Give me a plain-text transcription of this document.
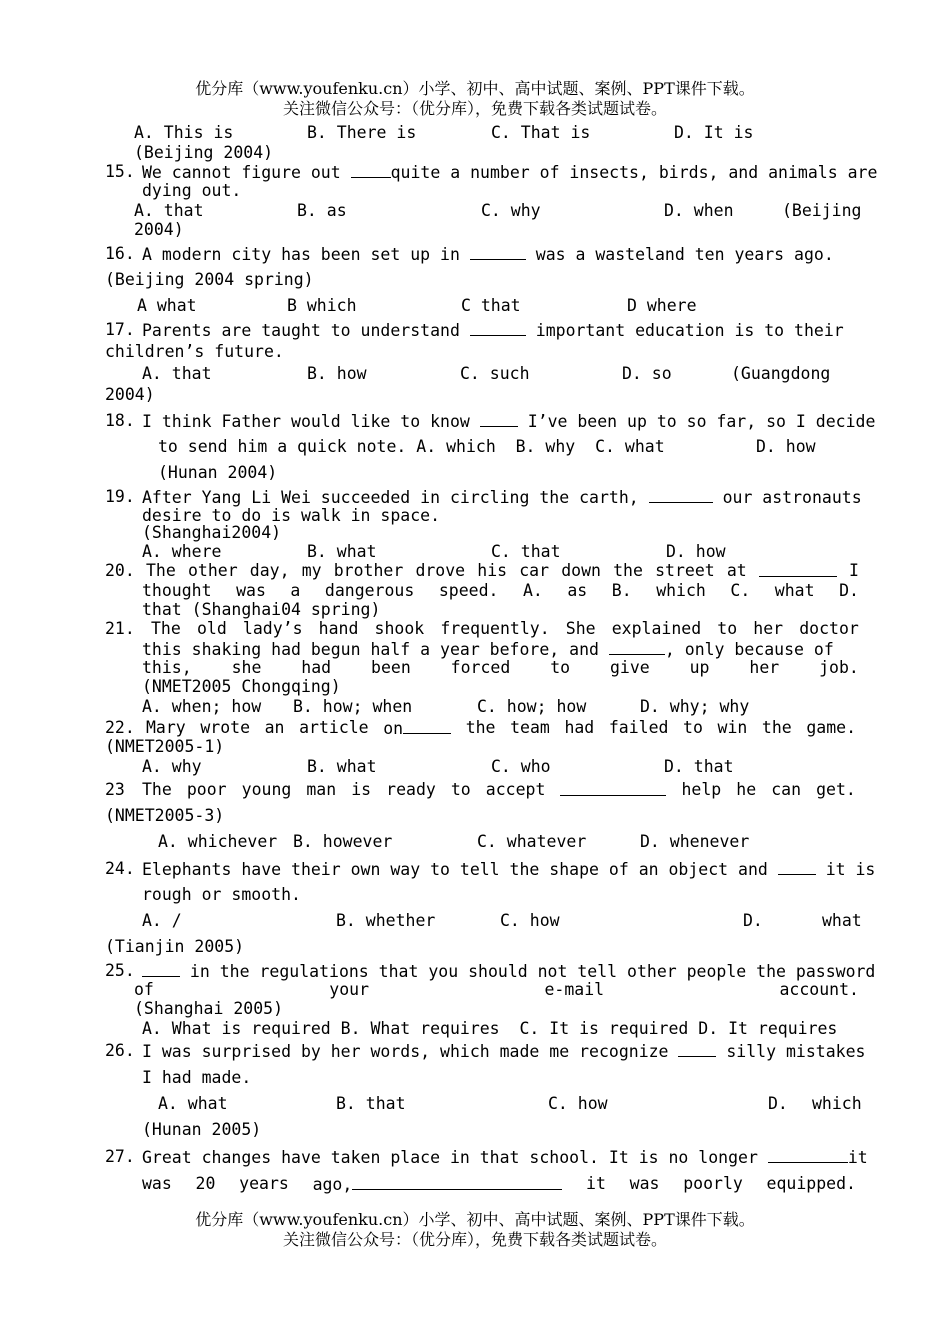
优分库（www.youfenku.cn）小学、初中、高中试题、案例、PPT课件下载。
关注微信公众号：（优分库），免费下载各类试题试卷。
A. This is	B. There is	C. That is	D. It is
(Beijing 2004)
15. We cannot figure out quite a number of insects, birds, and animals are
dying out.
A. that	B. as	C. why	D. when	(Beijing
2004)
16. A modern city has been set up in	was a wasteland ten years ago.
(Beijing 2004 spring)
A what	B which	C that	D where
17. Parents are taught to understand	important education is to their
children’s future.
A. that	B. how	C. such	D. so	(Guangdong
2004)
18. I think Father would like to know  I’ve been up to so far, so I decide
to send him a quick note. A. which  B. why  C. what	D. how
(Hunan 2004)
19. After Yang Li Wei succeeded in circling the carth,	our astronauts
desire to do is walk in space.
(Shanghai2004)
A. where	B. what	C. that	D. how
20. The other day, my brother drove his car down the street at	I
thought was a dangerous speed. A. as B. which C. what D.
that (Shanghai04 spring)
21. The old lady’s hand shook frequently. She explained to her doctor
this shaking had begun half a year before, and	, only because of
this, she had been forced to give up her job.
(NMET2005 Chongqing)
A. when; how B. how; when	C. how; how	D. why; why
22. Mary wrote an article on	the team had failed to win the game.
(NMET2005-1)
A. why	B. what	C. who	D. that
23 The poor young man is ready to accept	help he can get.
(NMET2005-3)
A. whichever B. however	C. whatever	D. whenever
24. Elephants have their own way to tell the shape of an object and  it is
rough or smooth.
A. /	B. whether	C. how	D.	what
(Tianjin 2005)
25.	in the regulations that you should not tell other people the password
of	your	e-mail	account.
(Shanghai 2005)
A. What is required B. What requires  C. It is required D. It requires
26. I was surprised by her words, which made me recognize  silly mistakes
I had made.
A. what	B. that	C. how	D. which
(Hunan 2005)
27. Great changes have taken place in that school. It is no longer	it
was 20 years ago,	it was poorly equipped.
优分库（www.youfenku.cn）小学、初中、高中试题、案例、PPT课件下载。
关注微信公众号：（优分库），免费下载各类试题试卷。
